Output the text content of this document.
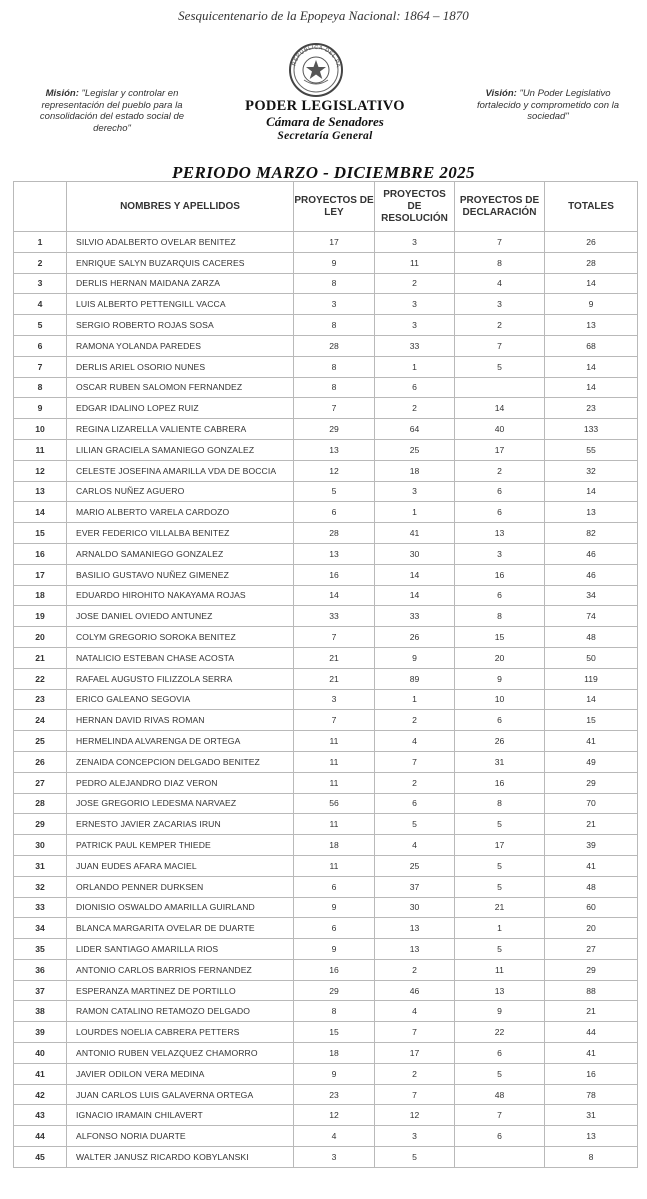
Sesquicentenario de la Epopeya Nacional: 1864 – 1870
REPÚBLICA DEL PA
Misión: "Legislar y controlar en representación del pueblo para la consolidación del estado social de derecho"
PODER LEGISLATIVO
Cámara de Senadores
Secretaría General
Visión: "Un Poder Legislativo fortalecido y comprometido con la sociedad"
PERIODO MARZO - DICIEMBRE 2025
	NOMBRES Y APELLIDOS	PROYECTOS DE LEY	PROYECTOS DE RESOLUCIÓN	PROYECTOS DE DECLARACIÓN	TOTALES
1	SILVIO ADALBERTO OVELAR BENITEZ	17	3	7	26
2	ENRIQUE SALYN BUZARQUIS CACERES	9	11	8	28
3	DERLIS HERNAN MAIDANA ZARZA	8	2	4	14
4	LUIS ALBERTO PETTENGILL VACCA	3	3	3	9
5	SERGIO ROBERTO ROJAS SOSA	8	3	2	13
6	RAMONA YOLANDA PAREDES	28	33	7	68
7	DERLIS ARIEL OSORIO NUNES	8	1	5	14
8	OSCAR RUBEN SALOMON FERNANDEZ	8	6		14
9	EDGAR IDALINO LOPEZ RUIZ	7	2	14	23
10	REGINA LIZARELLA VALIENTE CABRERA	29	64	40	133
11	LILIAN GRACIELA SAMANIEGO GONZALEZ	13	25	17	55
12	CELESTE JOSEFINA AMARILLA VDA DE BOCCIA	12	18	2	32
13	CARLOS NUÑEZ AGUERO	5	3	6	14
14	MARIO ALBERTO VARELA CARDOZO	6	1	6	13
15	EVER FEDERICO VILLALBA BENITEZ	28	41	13	82
16	ARNALDO SAMANIEGO GONZALEZ	13	30	3	46
17	BASILIO GUSTAVO NUÑEZ GIMENEZ	16	14	16	46
18	EDUARDO HIROHITO NAKAYAMA ROJAS	14	14	6	34
19	JOSE DANIEL OVIEDO ANTUNEZ	33	33	8	74
20	COLYM GREGORIO SOROKA BENITEZ	7	26	15	48
21	NATALICIO ESTEBAN CHASE ACOSTA	21	9	20	50
22	RAFAEL AUGUSTO FILIZZOLA SERRA	21	89	9	119
23	ERICO GALEANO SEGOVIA	3	1	10	14
24	HERNAN DAVID RIVAS ROMAN	7	2	6	15
25	HERMELINDA ALVARENGA DE ORTEGA	11	4	26	41
26	ZENAIDA CONCEPCION DELGADO BENITEZ	11	7	31	49
27	PEDRO ALEJANDRO DIAZ VERON	11	2	16	29
28	JOSE GREGORIO LEDESMA NARVAEZ	56	6	8	70
29	ERNESTO JAVIER ZACARIAS IRUN	11	5	5	21
30	PATRICK PAUL KEMPER THIEDE	18	4	17	39
31	JUAN EUDES AFARA MACIEL	11	25	5	41
32	ORLANDO PENNER DURKSEN	6	37	5	48
33	DIONISIO OSWALDO AMARILLA GUIRLAND	9	30	21	60
34	BLANCA MARGARITA OVELAR DE DUARTE	6	13	1	20
35	LIDER SANTIAGO AMARILLA RIOS	9	13	5	27
36	ANTONIO CARLOS BARRIOS FERNANDEZ	16	2	11	29
37	ESPERANZA MARTINEZ DE PORTILLO	29	46	13	88
38	RAMON CATALINO RETAMOZO DELGADO	8	4	9	21
39	LOURDES NOELIA CABRERA PETTERS	15	7	22	44
40	ANTONIO RUBEN VELAZQUEZ CHAMORRO	18	17	6	41
41	JAVIER ODILON VERA MEDINA	9	2	5	16
42	JUAN CARLOS LUIS GALAVERNA ORTEGA	23	7	48	78
43	IGNACIO IRAMAIN CHILAVERT	12	12	7	31
44	ALFONSO NORIA DUARTE	4	3	6	13
45	WALTER JANUSZ RICARDO KOBYLANSKI	3	5		8
